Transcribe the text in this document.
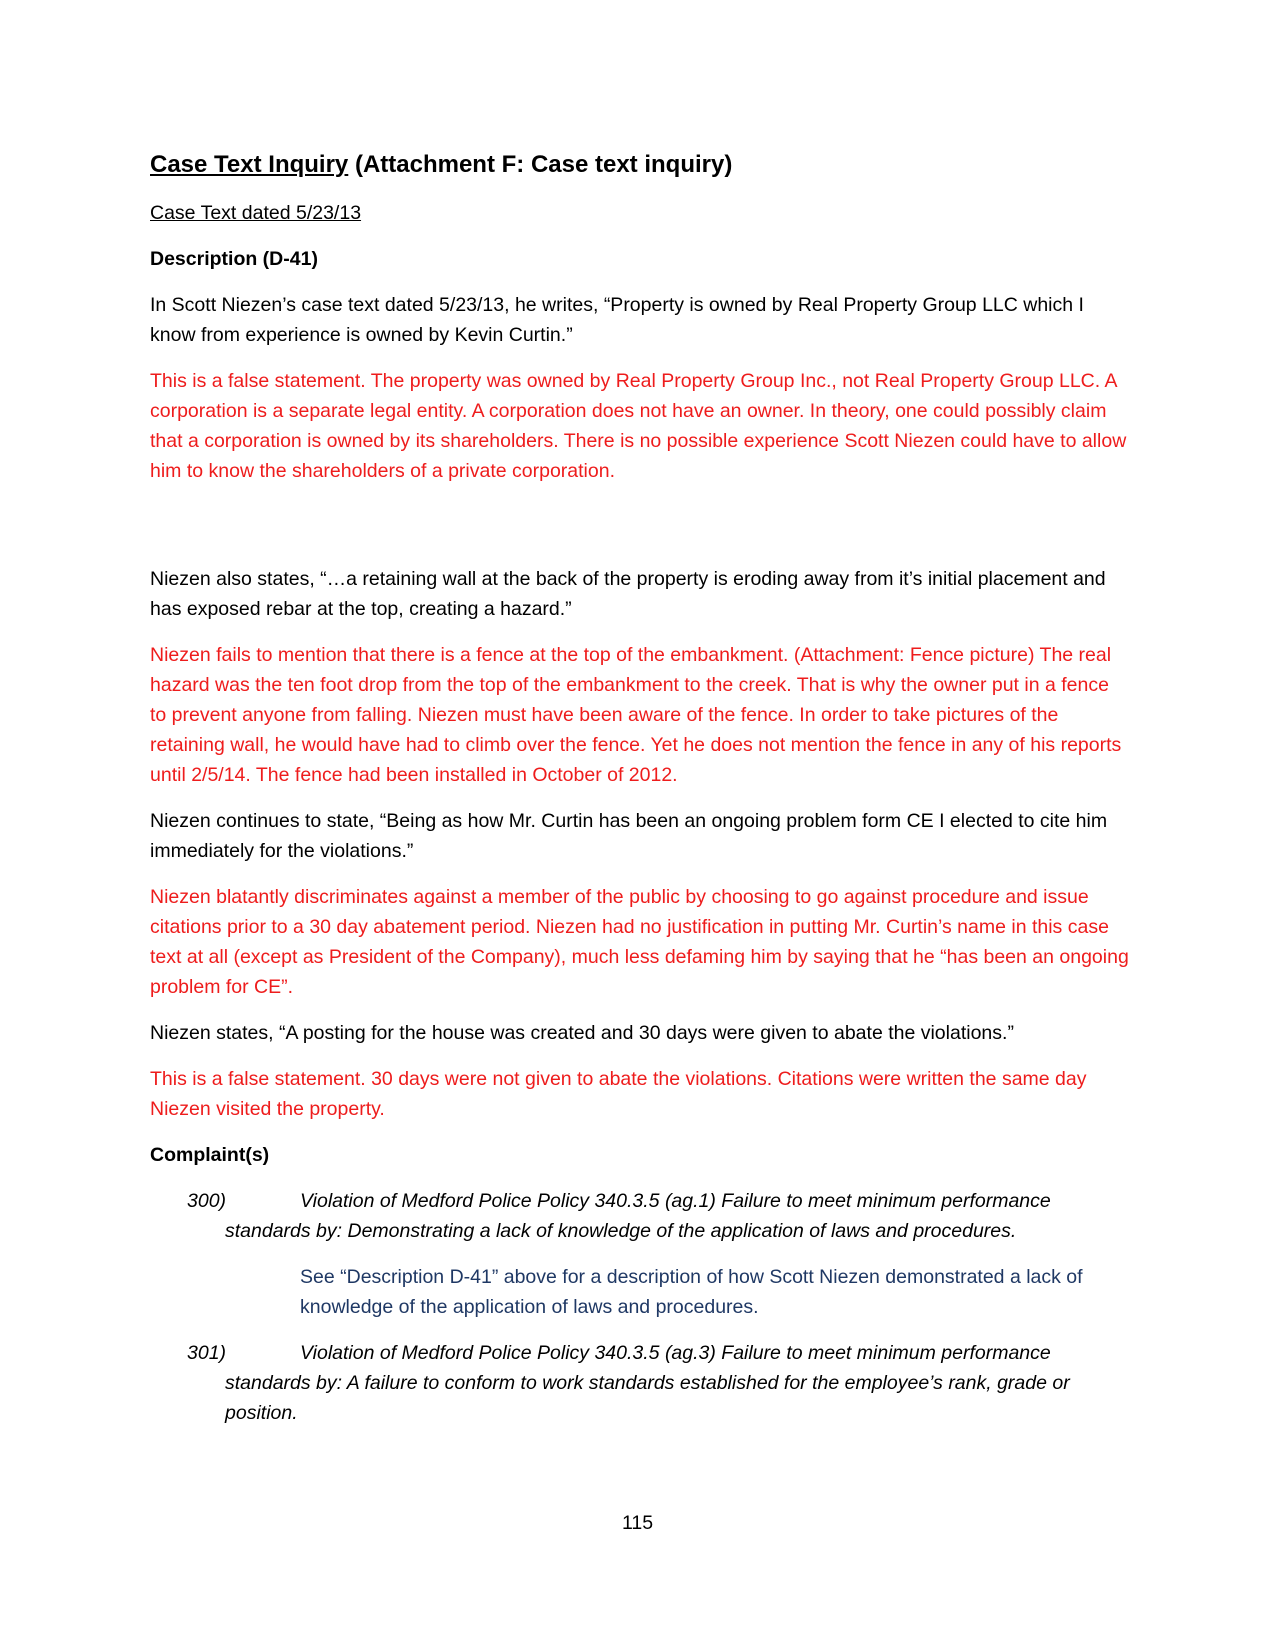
Case Text Inquiry (Attachment F: Case text inquiry)
Case Text dated 5/23/13
Description (D-41)

In Scott Niezen’s case text dated 5/23/13, he writes, “Property is owned by Real Property Group LLC which I know from experience is owned by Kevin Curtin.”

This is a false statement. The property was owned by Real Property Group Inc., not Real Property Group LLC. A corporation is a separate legal entity. A corporation does not have an owner. In theory, one could possibly claim that a corporation is owned by its shareholders. There is no possible experience Scott Niezen could have to allow him to know the shareholders of a private corporation.

Niezen also states, “…a retaining wall at the back of the property is eroding away from it’s initial placement and has exposed rebar at the top, creating a hazard.”

Niezen fails to mention that there is a fence at the top of the embankment. (Attachment: Fence picture) The real hazard was the ten foot drop from the top of the embankment to the creek. That is why the owner put in a fence to prevent anyone from falling. Niezen must have been aware of the fence. In order to take pictures of the retaining wall, he would have had to climb over the fence. Yet he does not mention the fence in any of his reports until 2/5/14. The fence had been installed in October of 2012.

Niezen continues to state, “Being as how Mr. Curtin has been an ongoing problem form CE I elected to cite him immediately for the violations.”

Niezen blatantly discriminates against a member of the public by choosing to go against procedure and issue citations prior to a 30 day abatement period. Niezen had no justification in putting Mr. Curtin’s name in this case text at all (except as President of the Company), much less defaming him by saying that he “has been an ongoing problem for CE”.

Niezen states, “A posting for the house was created and 30 days were given to abate the violations.”

This is a false statement. 30 days were not given to abate the violations. Citations were written the same day Niezen visited the property.

Complaint(s)
300)	Violation of Medford Police Policy 340.3.5 (ag.1) Failure to meet minimum performance standards by: Demonstrating a lack of knowledge of the application of laws and procedures.

See “Description D-41” above for a description of how Scott Niezen demonstrated a lack of knowledge of the application of laws and procedures.

301)	Violation of Medford Police Policy 340.3.5 (ag.3) Failure to meet minimum performance standards by: A failure to conform to work standards established for the employee’s rank, grade or position.
115
